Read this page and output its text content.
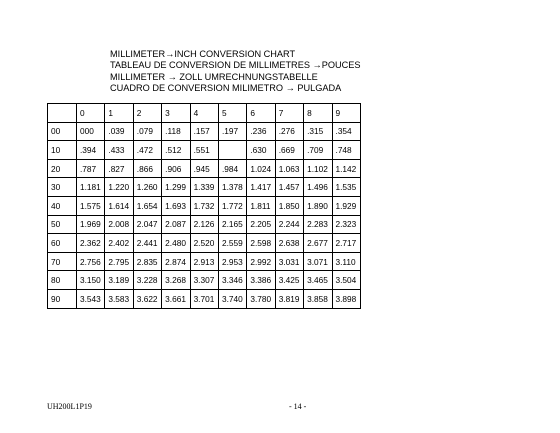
MILLIMETER→INCH CONVERSION CHART
TABLEAU DE CONVERSION DE MILLIMETRES →POUCES
MILLIMETER → ZOLL UMRECHNUNGSTABELLE
CUADRO DE CONVERSION MILIMETRO → PULGADA
	0	1	2	3	4	5	6	7	8	9
00	000	.039	.079	.118	.157	.197	.236	.276	.315	.354
10	.394	.433	.472	.512	.551		.630	.669	.709	.748
20	.787	.827	.866	.906	.945	.984	1.024	1.063	1.102	1.142
30	1.181	1.220	1.260	1.299	1.339	1.378	1.417	1.457	1.496	1.535
40	1.575	1.614	1.654	1.693	1.732	1.772	1.811	1.850	1.890	1.929
50	1.969	2.008	2.047	2.087	2.126	2.165	2.205	2.244	2.283	2.323
60	2.362	2.402	2.441	2.480	2.520	2.559	2.598	2.638	2.677	2.717
70	2.756	2.795	2.835	2.874	2.913	2.953	2.992	3.031	3.071	3.110
80	3.150	3.189	3.228	3.268	3.307	3.346	3.386	3.425	3.465	3.504
90	3.543	3.583	3.622	3.661	3.701	3.740	3.780	3.819	3.858	3.898
UH200L1P19	- 14 -
